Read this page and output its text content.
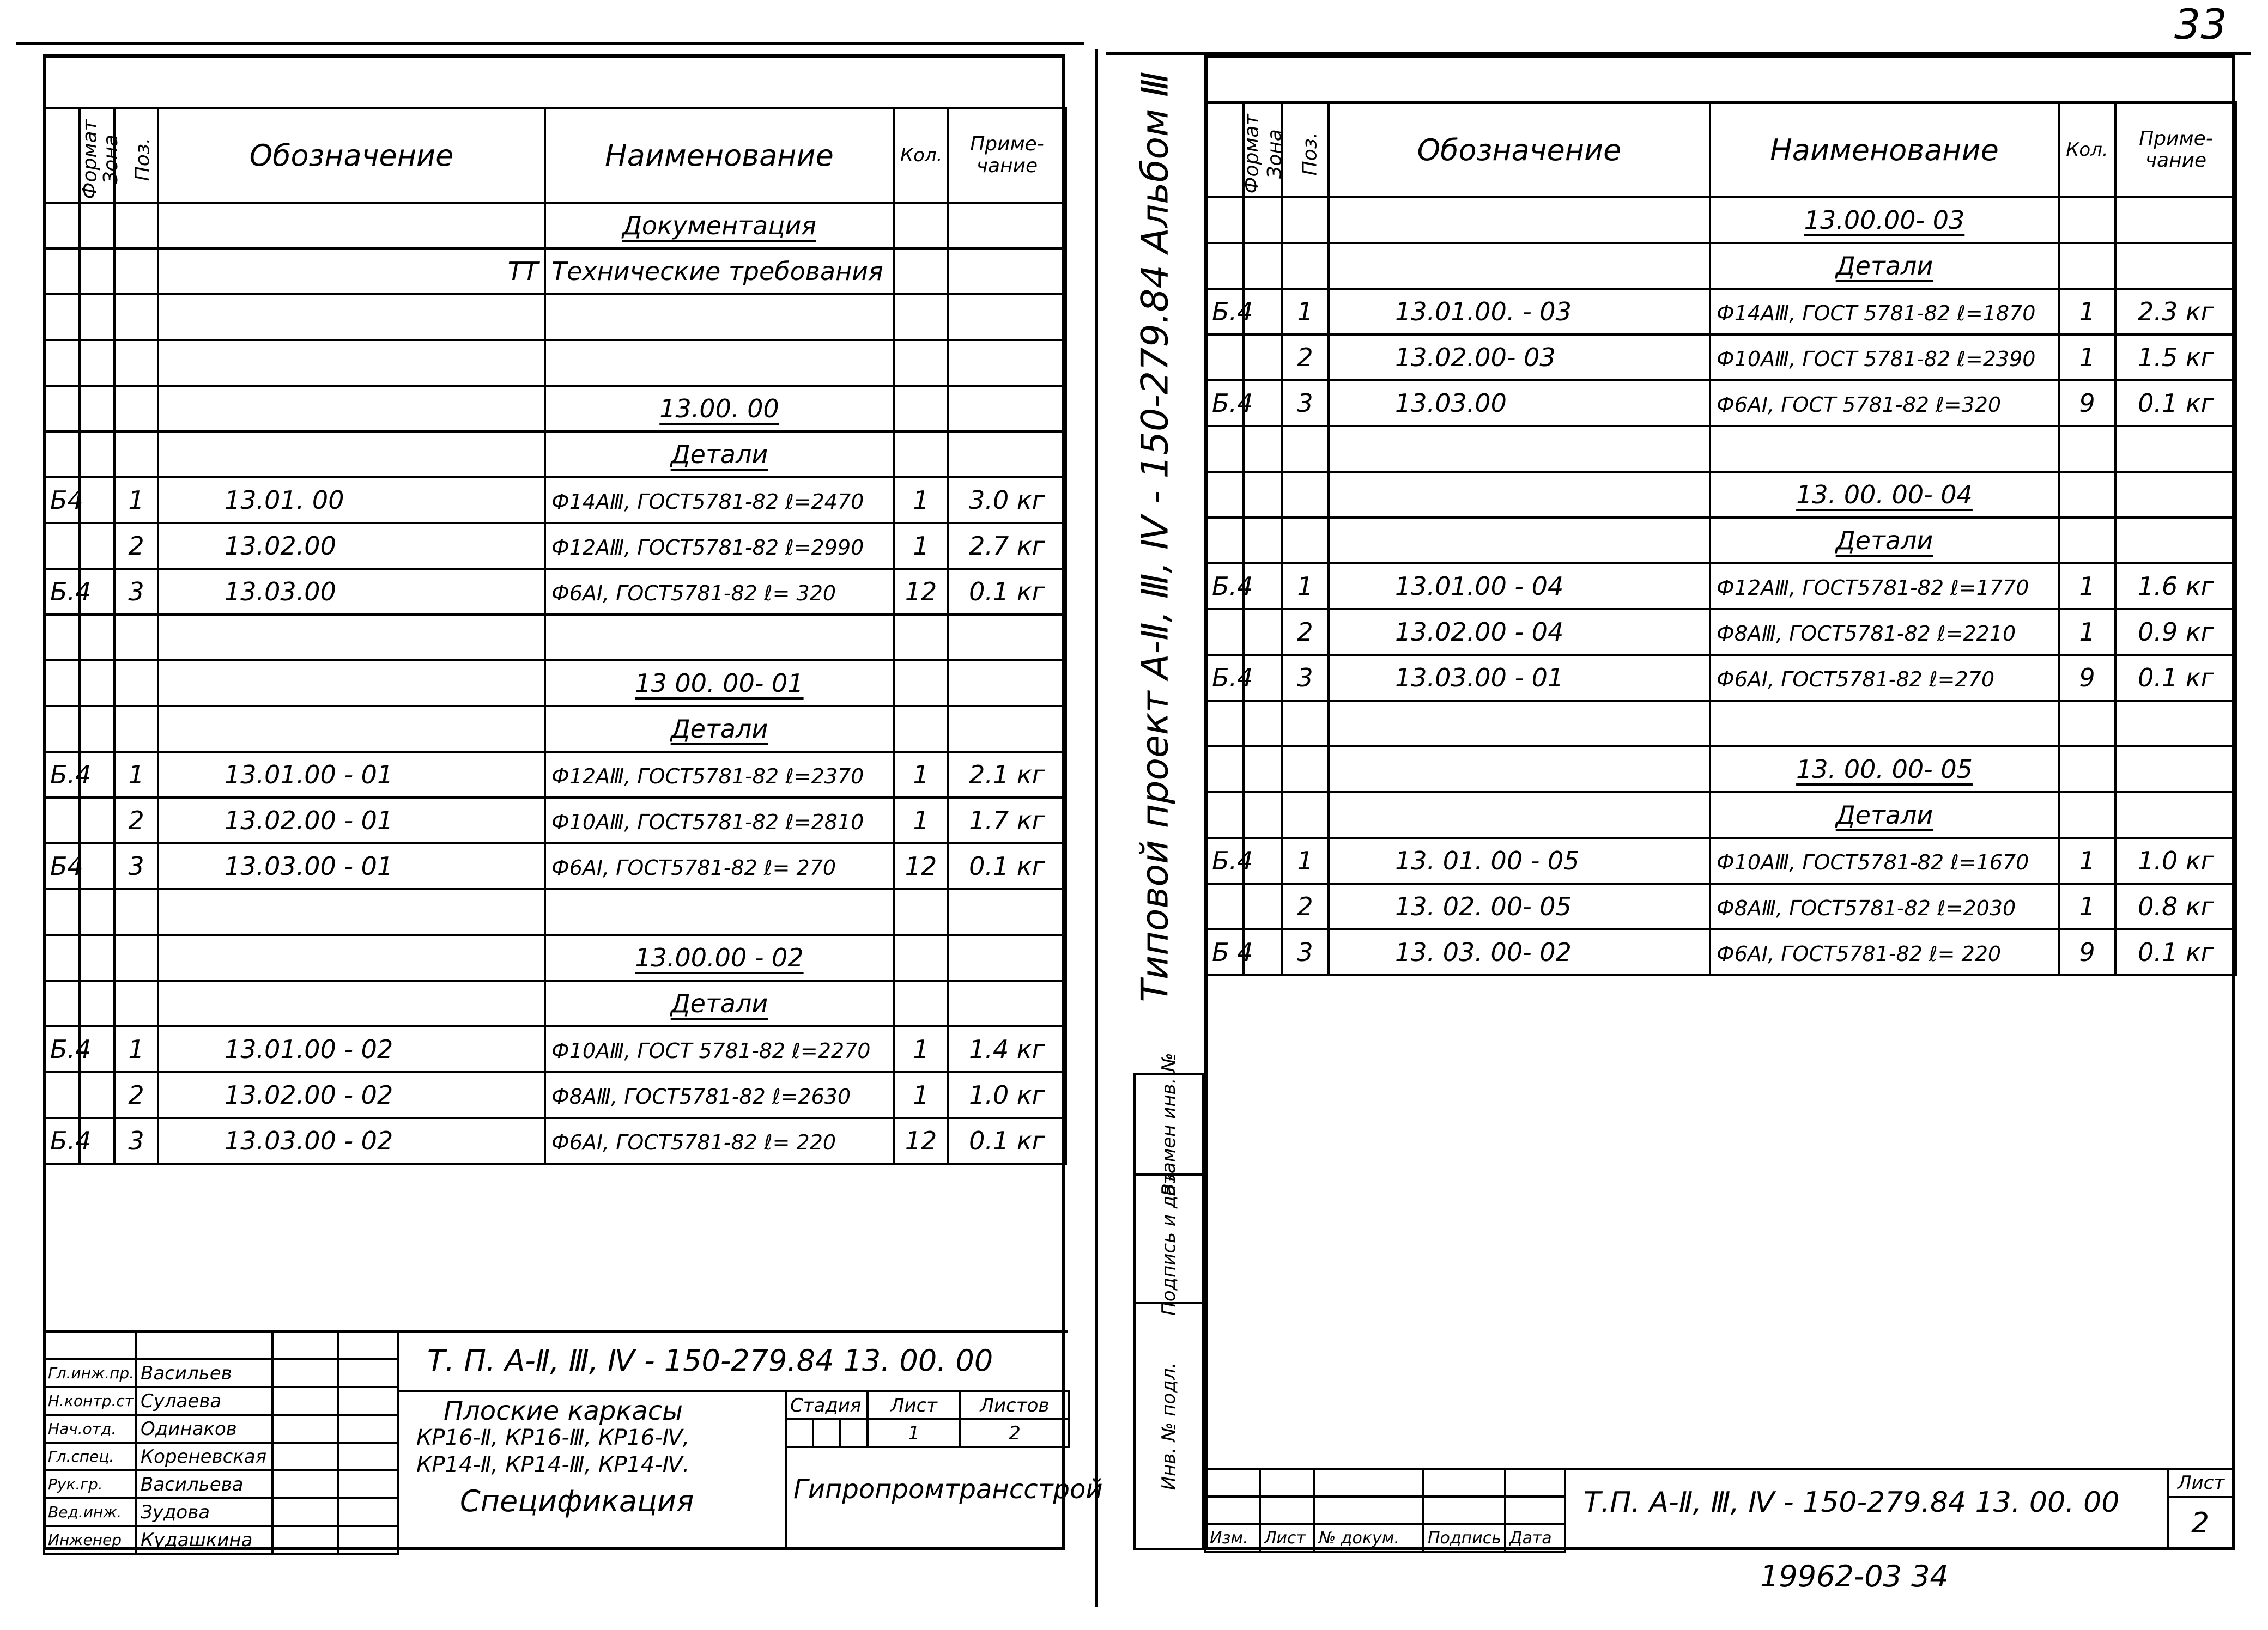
33
Формат	Зона	Поз.	Обозначение	Наименование	Кол.	Приме-чание
				Документация		
			ТТ	Технические требования		

				13.00. 00		
				Детали		
Б4		1	13.01. 00	Ф14АⅢ, ГОСТ5781-82 ℓ=2470	1	3.0 кг
		2	13.02.00	Ф12АⅢ, ГОСТ5781-82 ℓ=2990	1	2.7 кг
Б.4		3	13.03.00	Ф6АI, ГОСТ5781-82 ℓ= 320	12	0.1 кг

				13 00. 00- 01		
				Детали		
Б.4		1	13.01.00 - 01	Ф12АⅢ, ГОСТ5781-82 ℓ=2370	1	2.1 кг
		2	13.02.00 - 01	Ф10АⅢ, ГОСТ5781-82 ℓ=2810	1	1.7 кг
Б4		3	13.03.00 - 01	Ф6АI, ГОСТ5781-82 ℓ= 270	12	0.1 кг

				13.00.00 - 02		
				Детали		
Б.4		1	13.01.00 - 02	Ф10АⅢ, ГОСТ 5781-82 ℓ=2270	1	1.4 кг
		2	13.02.00 - 02	Ф8АⅢ, ГОСТ5781-82 ℓ=2630	1	1.0 кг
Б.4		3	13.03.00 - 02	Ф6АI, ГОСТ5781-82 ℓ= 220	12	0.1 кг

Гл.инж.пр.	Васильев		
Н.контр.ст.	Сулаева		
Нач.отд.	Одинаков		
Гл.спец.	Кореневская		
Рук.гр.	Васильева		
Вед.инж.	Зудова		
Инженер	Кудашкина		
Т. П. А-Ⅱ, Ⅲ, Ⅳ - 150-279.84 13. 00. 00
Плоские каркасы
КР16-Ⅱ, КР16-Ⅲ, КР16-Ⅳ,
КР14-Ⅱ, КР14-Ⅲ, КР14-Ⅳ.
Спецификация
Стадия			Лист	Листов
			1	2
Гипропромтрансстрой
Формат	Зона	Поз.	Обозначение	Наименование	Кол.	Приме-чание
				13.00.00- 03		
				Детали		
Б.4		1	13.01.00. - 03	Ф14АⅢ, ГОСТ 5781-82 ℓ=1870	1	2.3 кг
		2	13.02.00- 03	Ф10АⅢ, ГОСТ 5781-82 ℓ=2390	1	1.5 кг
Б.4		3	13.03.00	Ф6АI, ГОСТ 5781-82 ℓ=320	9	0.1 кг

				13. 00. 00- 04		
				Детали		
Б.4		1	13.01.00 - 04	Ф12АⅢ, ГОСТ5781-82 ℓ=1770	1	1.6 кг
		2	13.02.00 - 04	Ф8АⅢ, ГОСТ5781-82 ℓ=2210	1	0.9 кг
Б.4		3	13.03.00 - 01	Ф6АI, ГОСТ5781-82 ℓ=270	9	0.1 кг

				13. 00. 00- 05		
				Детали		
Б.4		1	13. 01. 00 - 05	Ф10АⅢ, ГОСТ5781-82 ℓ=1670	1	1.0 кг
		2	13. 02. 00- 05	Ф8АⅢ, ГОСТ5781-82 ℓ=2030	1	0.8 кг
Б 4		3	13. 03. 00- 02	Ф6АI, ГОСТ5781-82 ℓ= 220	9	0.1 кг

Изм.	Лист	№ докум.	Подпись	Дата
Т.П. А-Ⅱ, Ⅲ, Ⅳ - 150-279.84 13. 00. 00
Лист
2
Типовой проект А-Ⅱ, Ⅲ, Ⅳ - 150-279.84 Альбом Ⅲ
Инв. № подл.
Подпись и дата
Взамен инв. №
19962-03 34
